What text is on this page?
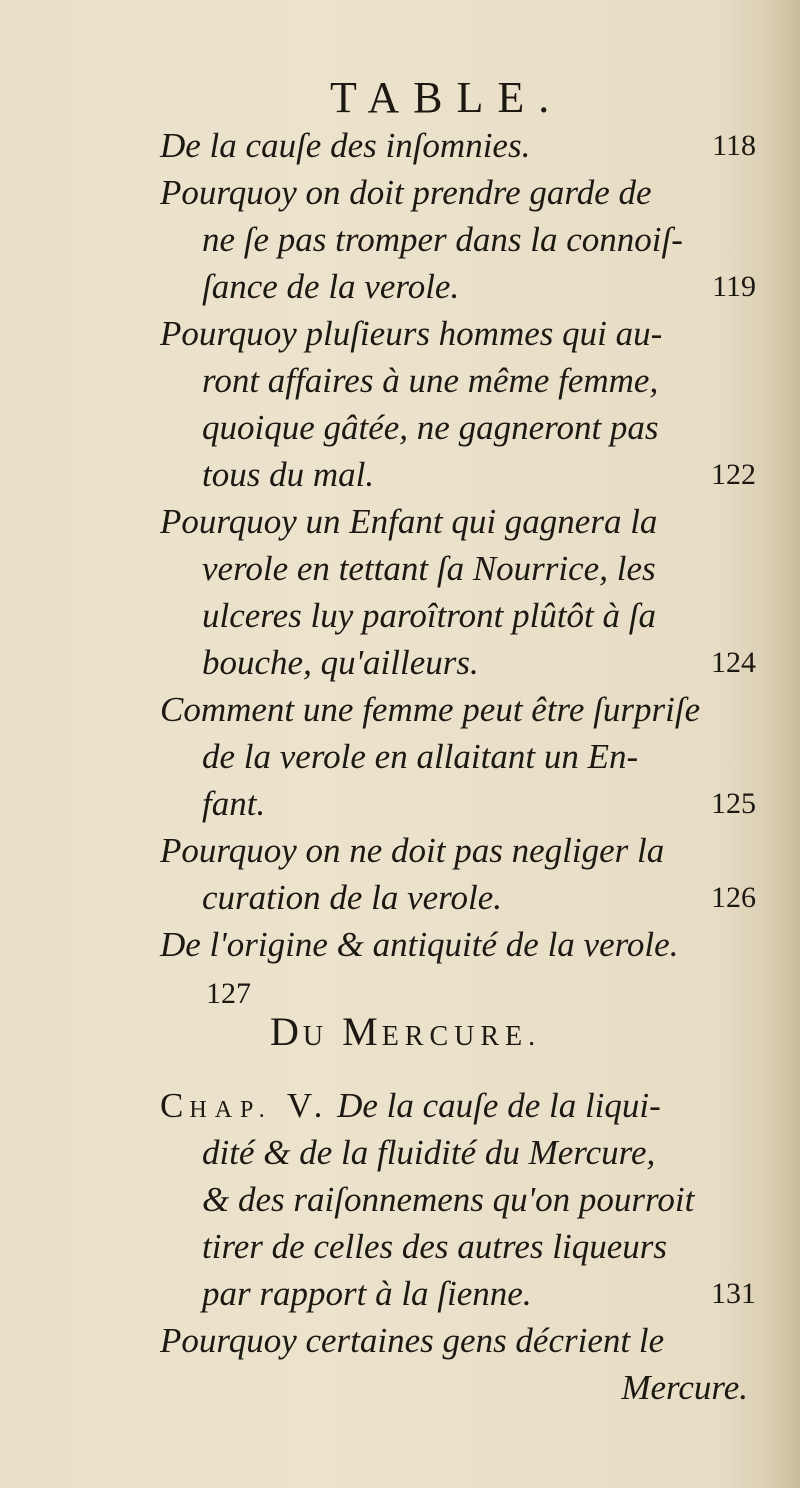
TABLE.
De la cauſe des inſomnies.	118
Pourquoy on doit prendre garde de
ne ſe pas tromper dans la connoiſ-
ſance de la verole.	119
Pourquoy pluſieurs hommes qui au-
ront affaires à une même femme,
quoique gâtée, ne gagneront pas
tous du mal.	122
Pourquoy un Enfant qui gagnera la
verole en tettant ſa Nourrice, les
ulceres luy paroîtront plûtôt à ſa
bouche, qu'ailleurs.	124
Comment une femme peut être ſurpriſe
de la verole en allaitant un En-
fant.	125
Pourquoy on ne doit pas negliger la
curation de la verole.	126
De l'origine & antiquité de la verole.
127
DU MERCURE.
CHAP. V. De la cauſe de la liqui-
dité & de la fluidité du Mercure,
& des raiſonnemens qu'on pourroit
tirer de celles des autres liqueurs
par rapport à la ſienne.	131
Pourquoy certaines gens décrient le
Mercure.
